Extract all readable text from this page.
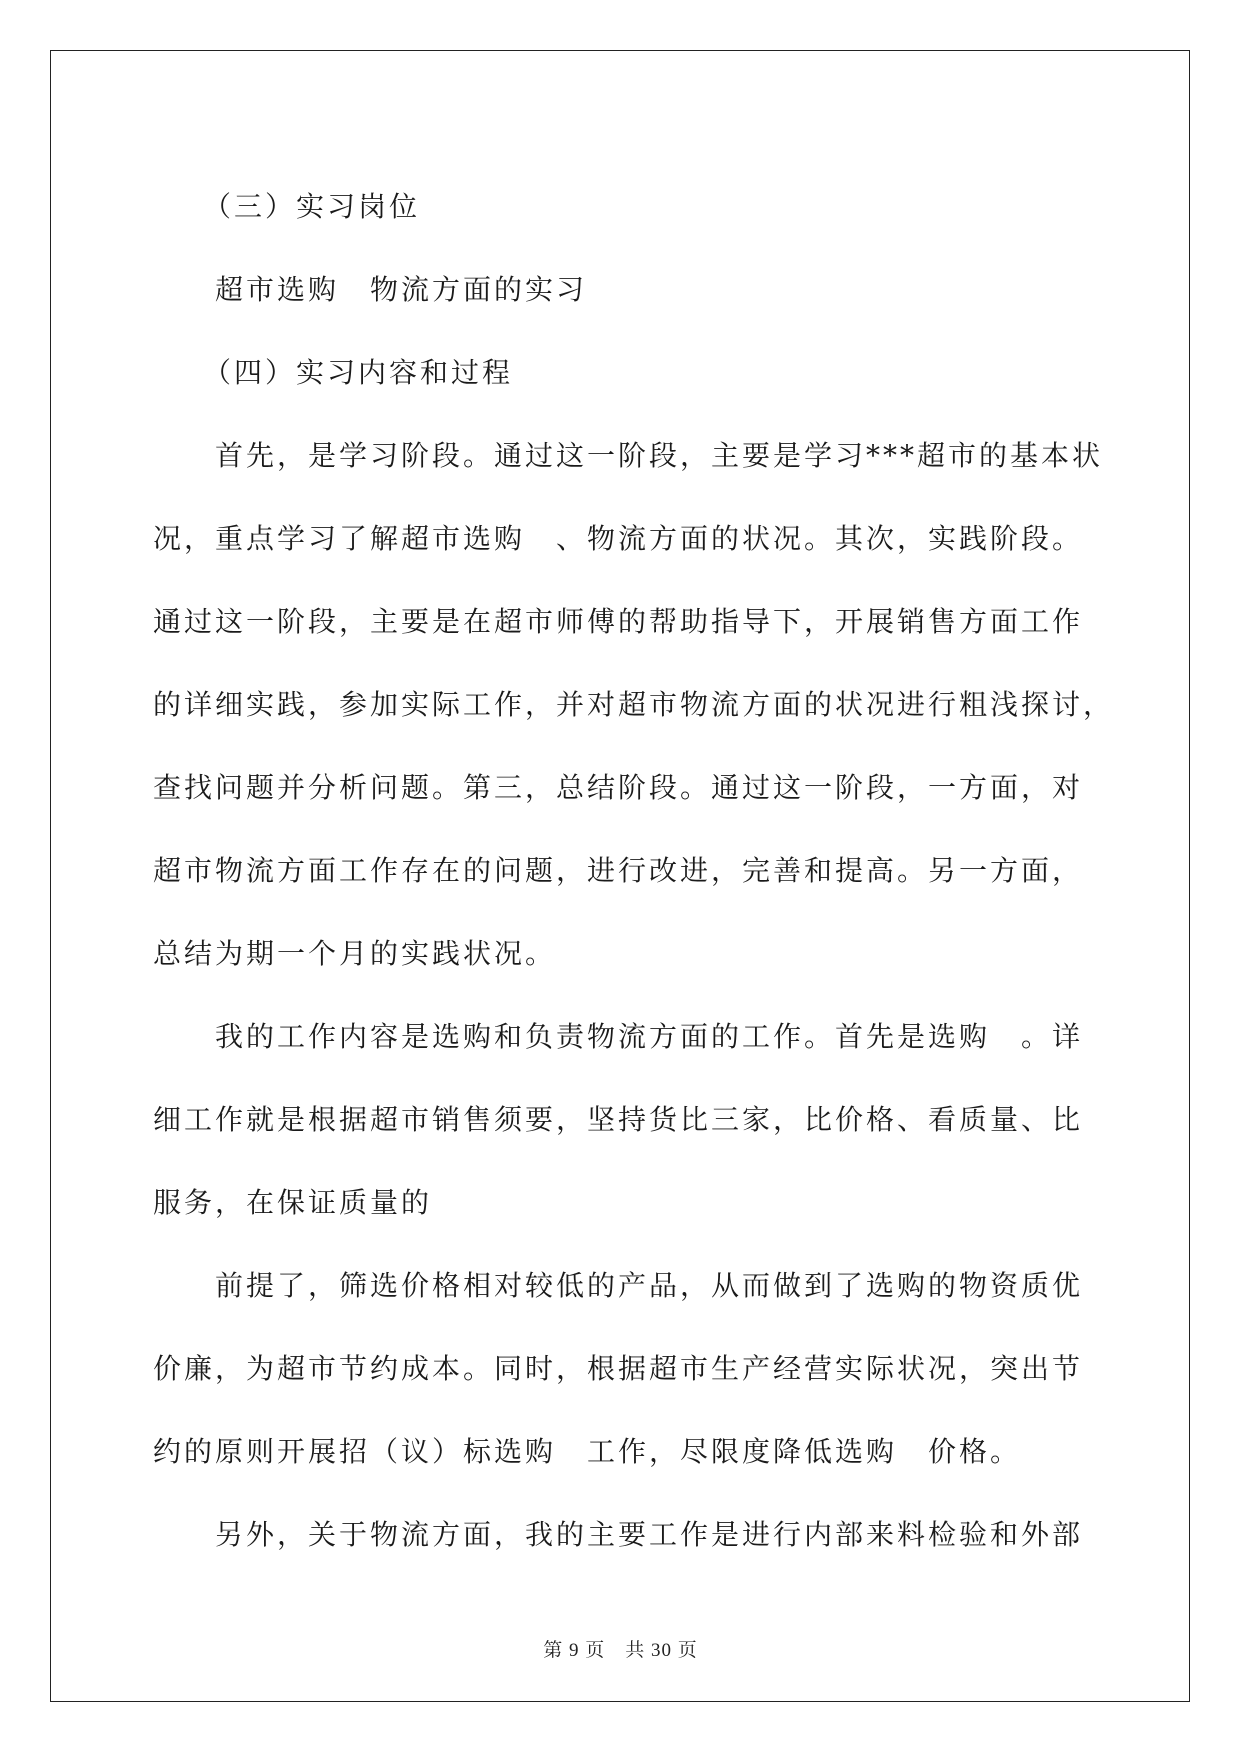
（三）实习岗位
超市选购　物流方面的实习
（四）实习内容和过程
首先，是学习阶段。通过这一阶段，主要是学习***超市的基本状
况，重点学习了解超市选购　、物流方面的状况。其次，实践阶段。
通过这一阶段，主要是在超市师傅的帮助指导下，开展销售方面工作
的详细实践，参加实际工作，并对超市物流方面的状况进行粗浅探讨，
查找问题并分析问题。第三，总结阶段。通过这一阶段，一方面，对
超市物流方面工作存在的问题，进行改进，完善和提高。另一方面，
总结为期一个月的实践状况。
我的工作内容是选购和负责物流方面的工作。首先是选购　。详
细工作就是根据超市销售须要，坚持货比三家，比价格、看质量、比
服务，在保证质量的
前提了，筛选价格相对较低的产品，从而做到了选购的物资质优
价廉，为超市节约成本。同时，根据超市生产经营实际状况，突出节
约的原则开展招（议）标选购　工作，尽限度降低选购　价格。
另外，关于物流方面，我的主要工作是进行内部来料检验和外部
第 9 页　共 30 页
